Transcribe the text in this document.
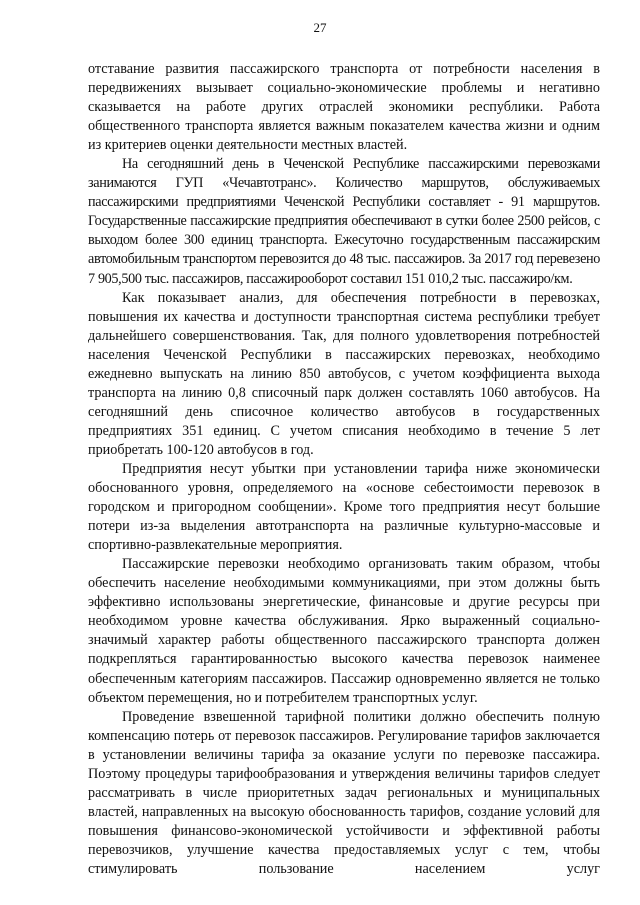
27

отставание развития пассажирского транспорта от потребности населения в передвижениях вызывает социально-экономические проблемы и негативно сказывается на работе других отраслей экономики республики. Работа общественного транспорта является важным показателем качества жизни и одним из критериев оценки деятельности местных властей.

На сегодняшний день в Чеченской Республике пассажирскими перевозками занимаются ГУП «Чечавтотранс». Количество маршрутов, обслуживаемых пассажирскими предприятиями Чеченской Республики составляет - 91 маршрутов. Государственные пассажирские предприятия обеспечивают в сутки более 2500 рейсов, с выходом более 300 единиц транспорта. Ежесуточно государственным пассажирским автомобильным транспортом перевозится до 48 тыс. пассажиров. За 2017 год перевезено 7 905,500 тыс. пассажиров, пассажирооборот составил 151 010,2 тыс. пассажиро/км.

Как показывает анализ, для обеспечения потребности в перевозках, повышения их качества и доступности транспортная система республики требует дальнейшего совершенствования. Так, для полного удовлетворения потребностей населения Чеченской Республики в пассажирских перевозках, необходимо ежедневно выпускать на линию 850 автобусов, с учетом коэффициента выхода транспорта на линию 0,8 списочный парк должен составлять 1060 автобусов. На сегодняшний день списочное количество автобусов в государственных предприятиях 351 единиц. С учетом списания необходимо в течение 5 лет приобретать 100-120 автобусов в год.

Предприятия несут убытки при установлении тарифа ниже экономически обоснованного уровня, определяемого на «основе себестоимости перевозок в городском и пригородном сообщении». Кроме того предприятия несут большие потери из-за выделения автотранспорта на различные культурно-массовые и спортивно-развлекательные мероприятия.

Пассажирские перевозки необходимо организовать таким образом, чтобы обеспечить население необходимыми коммуникациями, при этом должны быть эффективно использованы энергетические, финансовые и другие ресурсы при необходимом уровне качества обслуживания. Ярко выраженный социально-значимый характер работы общественного пассажирского транспорта должен подкрепляться гарантированностью высокого качества перевозок наименее обеспеченным категориям пассажиров. Пассажир одновременно является не только объектом перемещения, но и потребителем транспортных услуг.

Проведение взвешенной тарифной политики должно обеспечить полную компенсацию потерь от перевозок пассажиров. Регулирование тарифов заключается в установлении величины тарифа за оказание услуги по перевозке пассажира. Поэтому процедуры тарифообразования и утверждения величины тарифов следует рассматривать в числе приоритетных задач региональных и муниципальных властей, направленных на высокую обоснованность тарифов, создание условий для повышения финансово-экономической устойчивости и эффективной работы перевозчиков, улучшение качества предоставляемых услуг с тем, чтобы стимулировать пользование населением услуг
